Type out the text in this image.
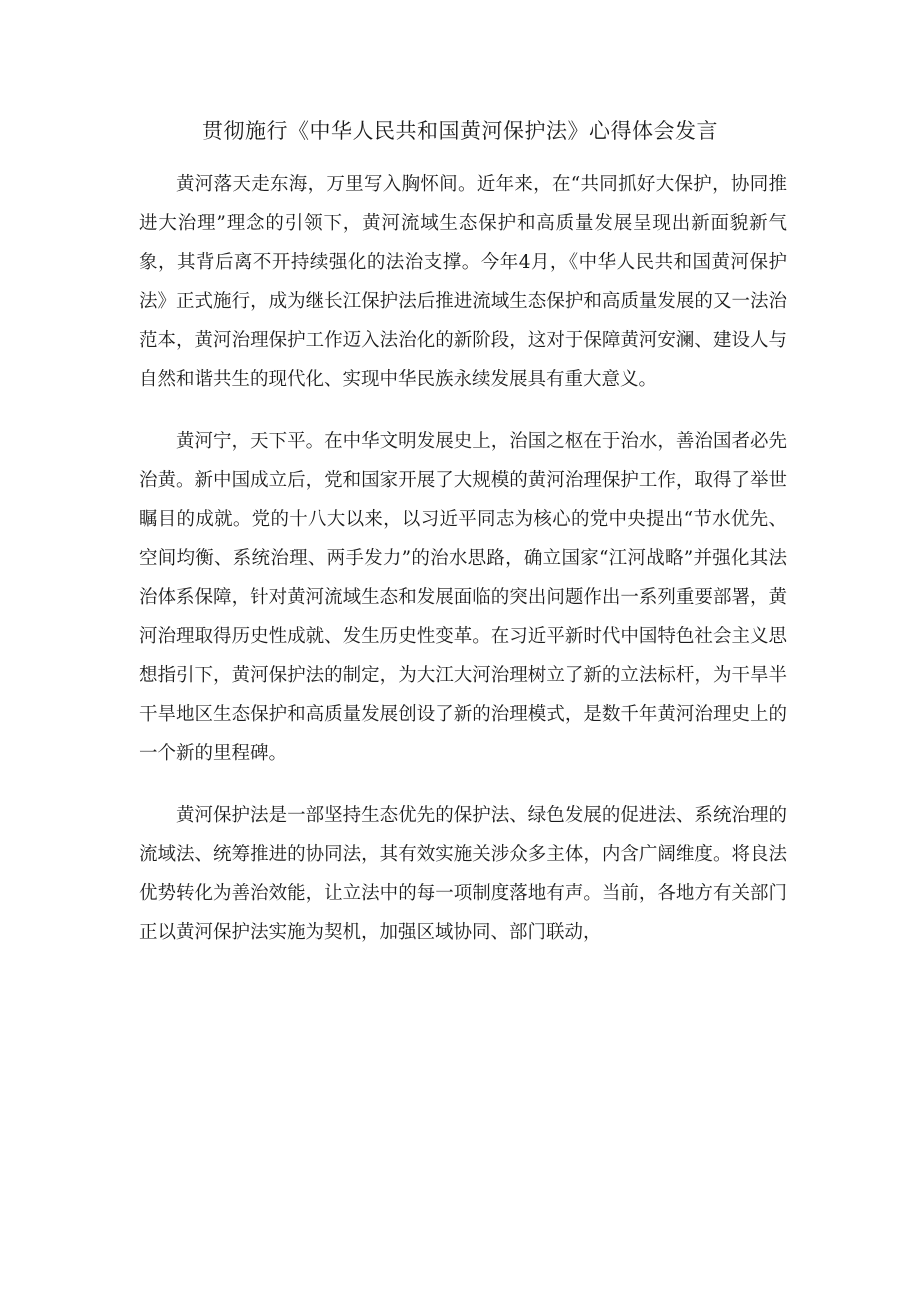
贯彻施行《中华人民共和国黄河保护法》心得体会发言

黄河落天走东海，万里写入胸怀间。近年来，在“共同抓好大保护，协同推进大治理”理念的引领下，黄河流域生态保护和高质量发展呈现出新面貌新气象，其背后离不开持续强化的法治支撑。今年4月，《中华人民共和国黄河保护法》正式施行，成为继长江保护法后推进流域生态保护和高质量发展的又一法治范本，黄河治理保护工作迈入法治化的新阶段，这对于保障黄河安澜、建设人与自然和谐共生的现代化、实现中华民族永续发展具有重大意义。

黄河宁，天下平。在中华文明发展史上，治国之枢在于治水，善治国者必先治黄。新中国成立后，党和国家开展了大规模的黄河治理保护工作，取得了举世瞩目的成就。党的十八大以来，以习近平同志为核心的党中央提出“节水优先、空间均衡、系统治理、两手发力”的治水思路，确立国家“江河战略”并强化其法治体系保障，针对黄河流域生态和发展面临的突出问题作出一系列重要部署，黄河治理取得历史性成就、发生历史性变革。在习近平新时代中国特色社会主义思想指引下，黄河保护法的制定，为大江大河治理树立了新的立法标杆，为干旱半干旱地区生态保护和高质量发展创设了新的治理模式，是数千年黄河治理史上的一个新的里程碑。

黄河保护法是一部坚持生态优先的保护法、绿色发展的促进法、系统治理的流域法、统筹推进的协同法，其有效实施关涉众多主体，内含广阔维度。将良法优势转化为善治效能，让立法中的每一项制度落地有声。当前，各地方有关部门正以黄河保护法实施为契机，加强区域协同、部门联动，
